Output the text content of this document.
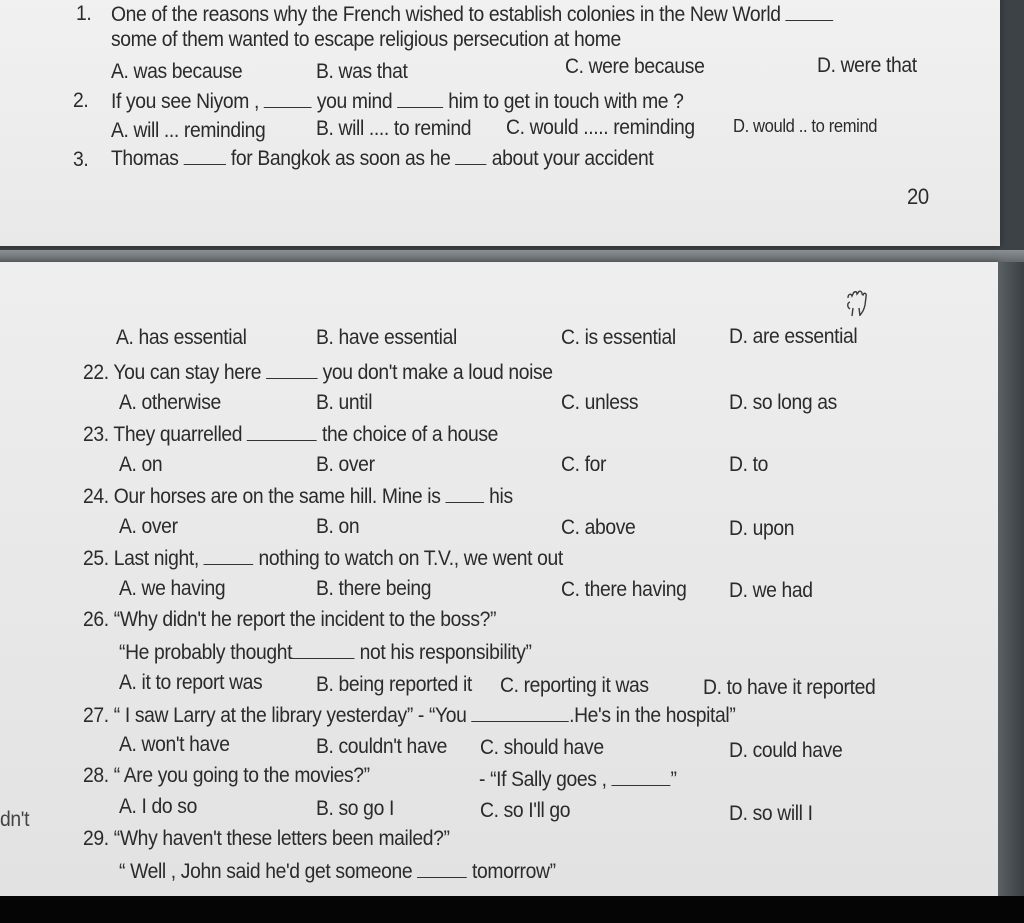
1. One of the reasons why the French wished to establish colonies in the New World
some of them wanted to escape religious persecution at home
A. was because	B. was that	C. were because	D. were that
2. If you see Niyom ,	you mind	him to get in touch with me ?
A. will ... reminding B. will .... to remind C. would ..... reminding D. would .. to remind
3. Thomas for Bangkok as soon as he about your accident
20
A. has essential	B. have essential	C. is essential	D. are essential
22. You can stay here	you don't make a loud noise
A. otherwise	B. until	C. unless	D. so long as
23. They quarrelled	the choice of a house
A. on	B. over	C. for	D. to
24. Our horses are on the same hill. Mine is his
A. over	B. on	C. above	D. upon
25. Last night,	nothing to watch on T.V., we went out
A. we having	B. there being	C. there having D. we had
26. “Why didn't he report the incident to the boss?”
“He probably thought	not his responsibility”
A. it to report was	B. being reported it C. reporting it was	D. to have it reported
27. “ I saw Larry at the library yesterday” - “You	.He's in the hospital”
A. won't have	B. couldn't have C. should have	D. could have
28. “ Are you going to the movies?”	- “If Sally goes ,	”
A. I do so	B. so go I	C. so I'll go	D. so will I
29. “Why haven't these letters been mailed?”
“ Well , John said he'd get someone	tomorrow”
dn't
